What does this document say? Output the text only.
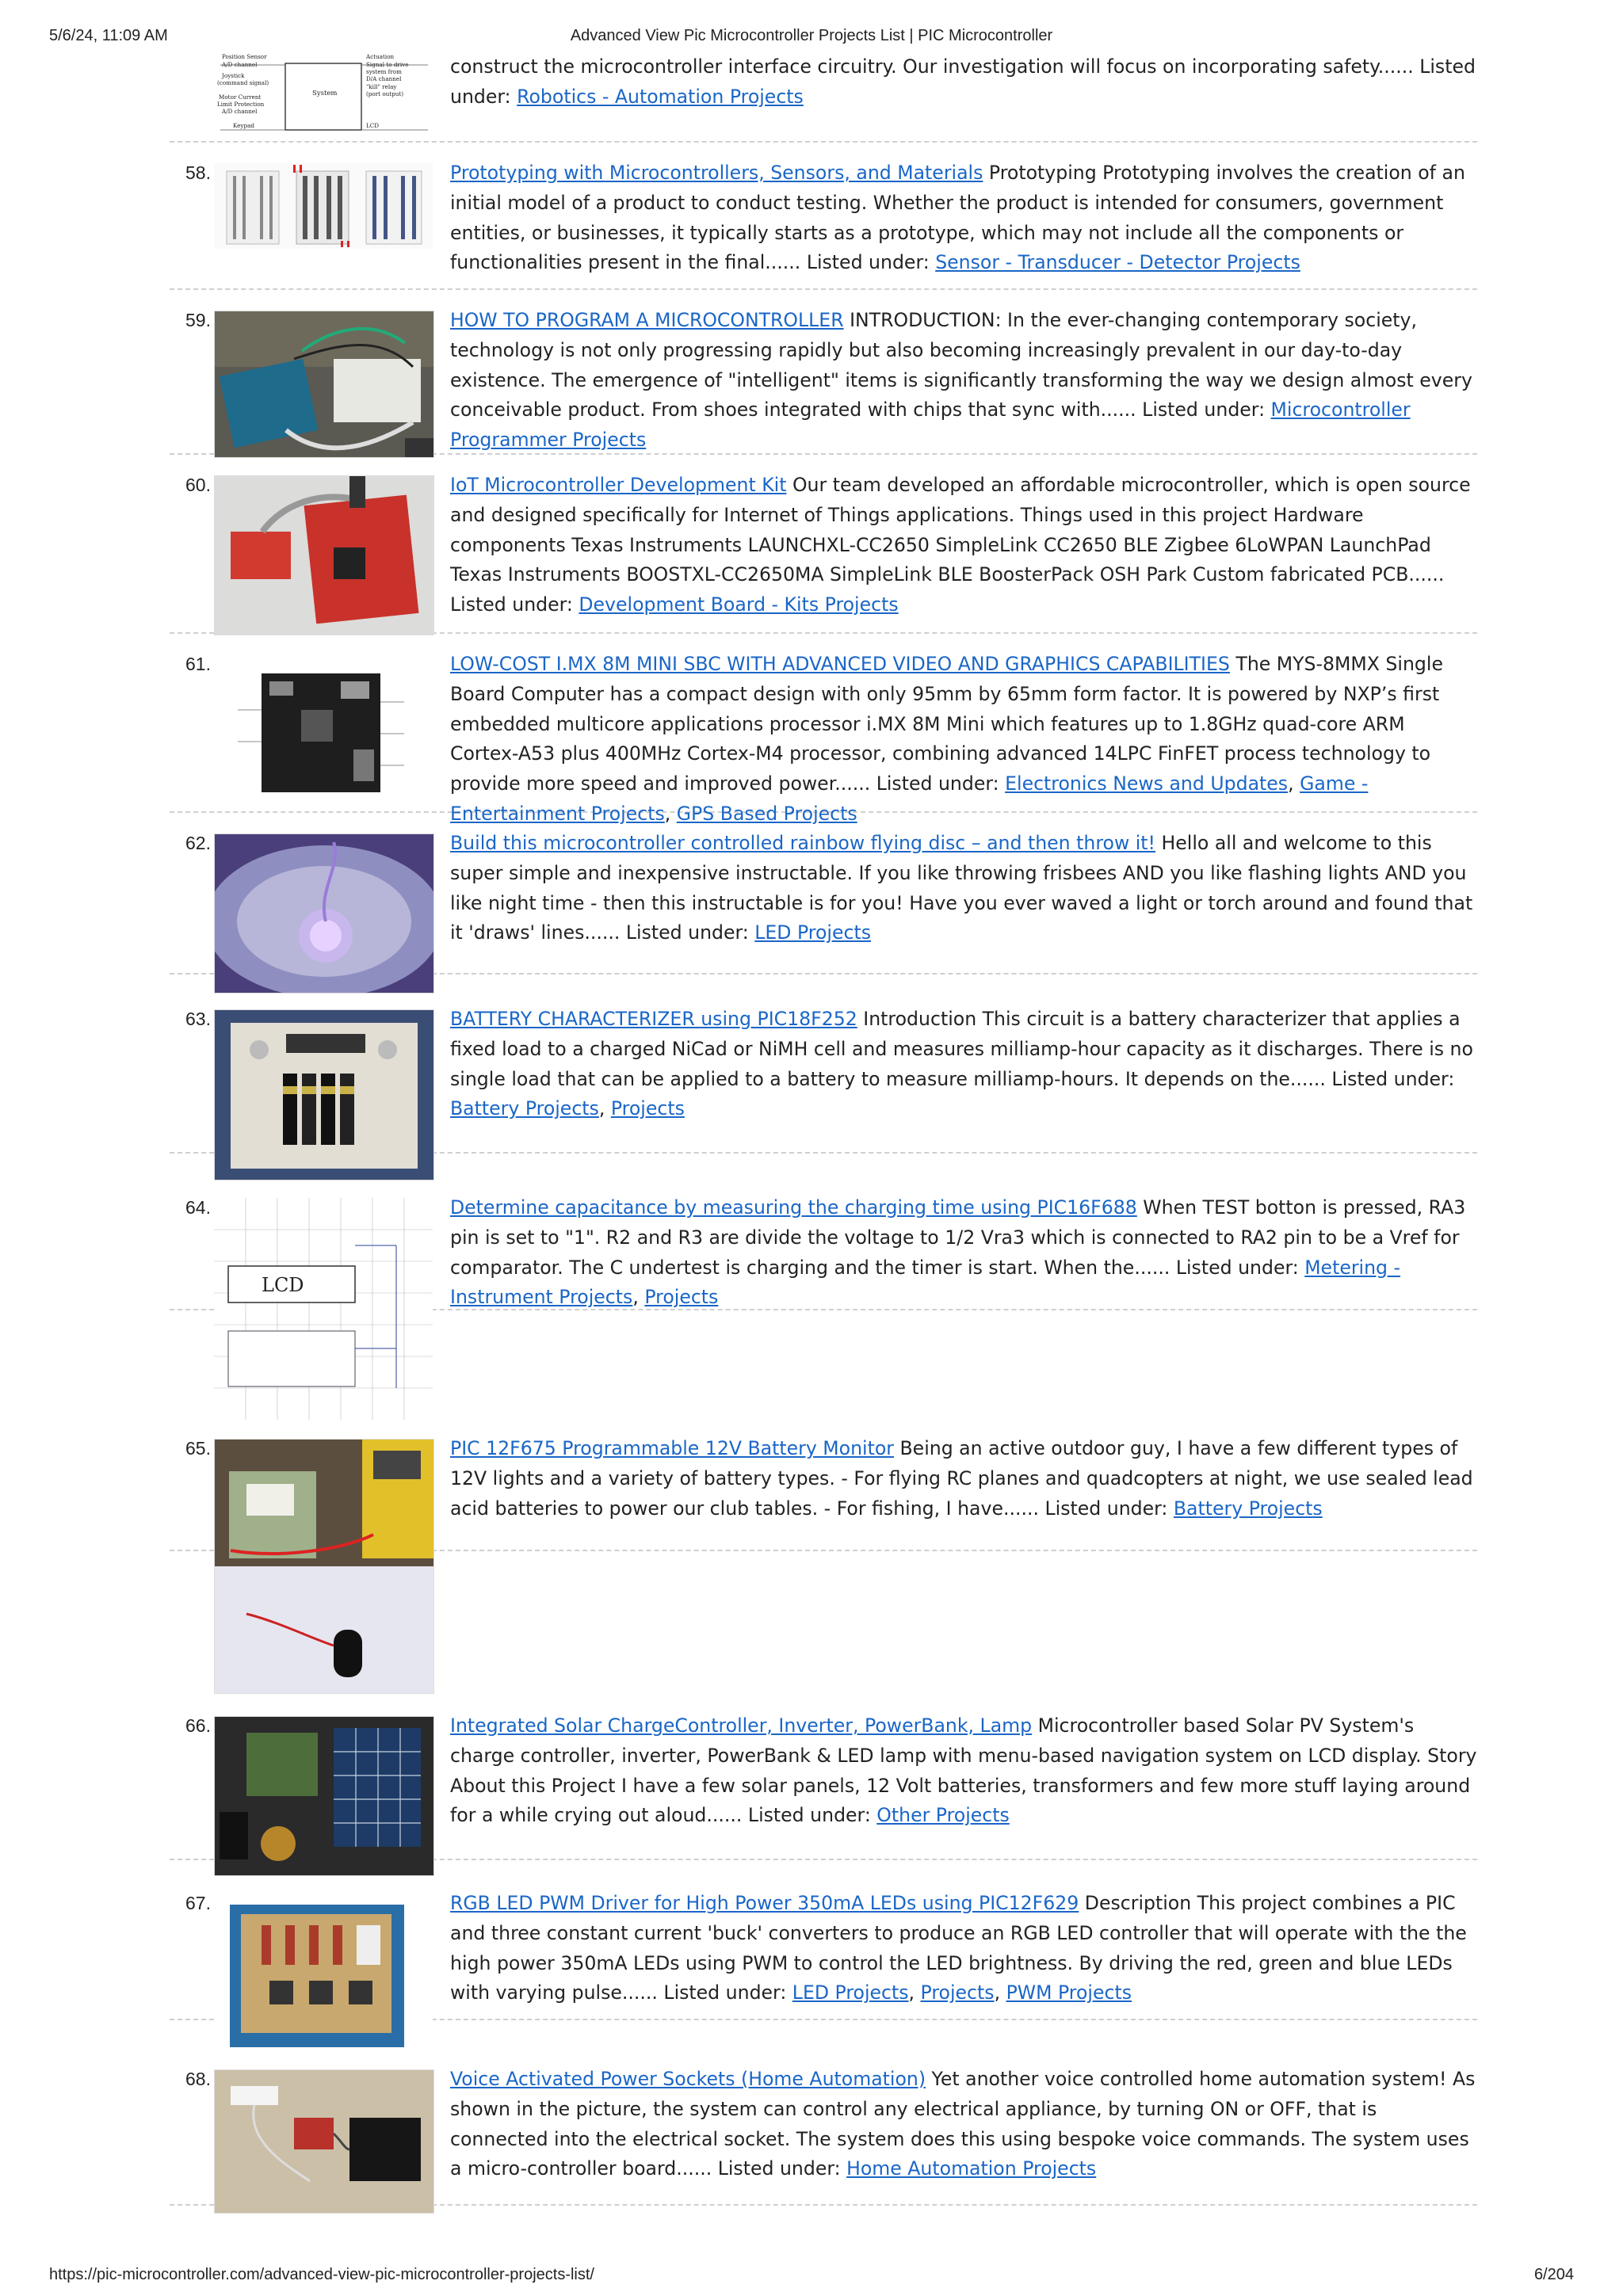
5/6/24, 11:09 AM	Advanced View Pic Microcontroller Projects List | PIC Microcontroller
Position Sensor
A/D channel
Joystick
(command signal)
Motor Current
Limit Protection
A/D channel
Keypad
Actuation
Signal to drive
system from
D/A channel
"kill" relay
(port output)
LCD
System
construct the microcontroller interface circuitry. Our investigation will focus on incorporating safety...... Listed under: Robotics - Automation Projects
58.	Prototyping with Microcontrollers, Sensors, and Materials Prototyping Prototyping involves the creation of an initial model of a product to conduct testing. Whether the product is intended for consumers, government entities, or businesses, it typically starts as a prototype, which may not include all the components or functionalities present in the final...... Listed under: Sensor - Transducer - Detector Projects
59.	HOW TO PROGRAM A MICROCONTROLLER INTRODUCTION: In the ever-changing contemporary society, technology is not only progressing rapidly but also becoming increasingly prevalent in our day-to-day existence. The emergence of "intelligent" items is significantly transforming the way we design almost every conceivable product. From shoes integrated with chips that sync with...... Listed under: Microcontroller Programmer Projects
60.	IoT Microcontroller Development Kit Our team developed an affordable microcontroller, which is open source and designed specifically for Internet of Things applications. Things used in this project Hardware components Texas Instruments LAUNCHXL-CC2650 SimpleLink CC2650 BLE Zigbee 6LoWPAN LaunchPad Texas Instruments BOOSTXL-CC2650MA SimpleLink BLE BoosterPack OSH Park Custom fabricated PCB...... Listed under: Development Board - Kits Projects
61.	LOW-COST I.MX 8M MINI SBC WITH ADVANCED VIDEO AND GRAPHICS CAPABILITIES The MYS-8MMX Single Board Computer has a compact design with only 95mm by 65mm form factor. It is powered by NXP’s first embedded multicore applications processor i.MX 8M Mini which features up to 1.8GHz quad-core ARM Cortex-A53 plus 400MHz Cortex-M4 processor, combining advanced 14LPC FinFET process technology to provide more speed and improved power...... Listed under: Electronics News and Updates, Game - Entertainment Projects, GPS Based Projects
62.	Build this microcontroller controlled rainbow flying disc – and then throw it! Hello all and welcome to this super simple and inexpensive instructable. If you like throwing frisbees AND you like flashing lights AND you like night time - then this instructable is for you! Have you ever waved a light or torch around and found that it 'draws' lines...... Listed under: LED Projects
63.	BATTERY CHARACTERIZER using PIC18F252 Introduction This circuit is a battery characterizer that applies a fixed load to a charged NiCad or NiMH cell and measures milliamp-hour capacity as it discharges. There is no single load that can be applied to a battery to measure milliamp-hours. It depends on the...... Listed under: Battery Projects, Projects
64.
LCD
Determine capacitance by measuring the charging time using PIC16F688 When TEST botton is pressed, RA3 pin is set to "1". R2 and R3 are divide the voltage to 1/2 Vra3 which is connected to RA2 pin to be a Vref for comparator. The C undertest is charging and the timer is start. When the...... Listed under: Metering - Instrument Projects, Projects
65.	PIC 12F675 Programmable 12V Battery Monitor Being an active outdoor guy, I have a few different types of 12V lights and a variety of battery types. - For flying RC planes and quadcopters at night, we use sealed lead acid batteries to power our club tables. - For fishing, I have...... Listed under: Battery Projects
66.	Integrated Solar ChargeController, Inverter, PowerBank, Lamp Microcontroller based Solar PV System's charge controller, inverter, PowerBank & LED lamp with menu-based navigation system on LCD display. Story About this Project I have a few solar panels, 12 Volt batteries, transformers and few more stuff laying around for a while crying out aloud...... Listed under: Other Projects
67.	RGB LED PWM Driver for High Power 350mA LEDs using PIC12F629 Description This project combines a PIC and three constant current 'buck' converters to produce an RGB LED controller that will operate with the the high power 350mA LEDs using PWM to control the LED brightness. By driving the red, green and blue LEDs with varying pulse...... Listed under: LED Projects, Projects, PWM Projects
68.	Voice Activated Power Sockets (Home Automation) Yet another voice controlled home automation system! As shown in the picture, the system can control any electrical appliance, by turning ON or OFF, that is connected into the electrical socket. The system does this using bespoke voice commands. The system uses a micro-controller board...... Listed under: Home Automation Projects
https://pic-microcontroller.com/advanced-view-pic-microcontroller-projects-list/	6/204
